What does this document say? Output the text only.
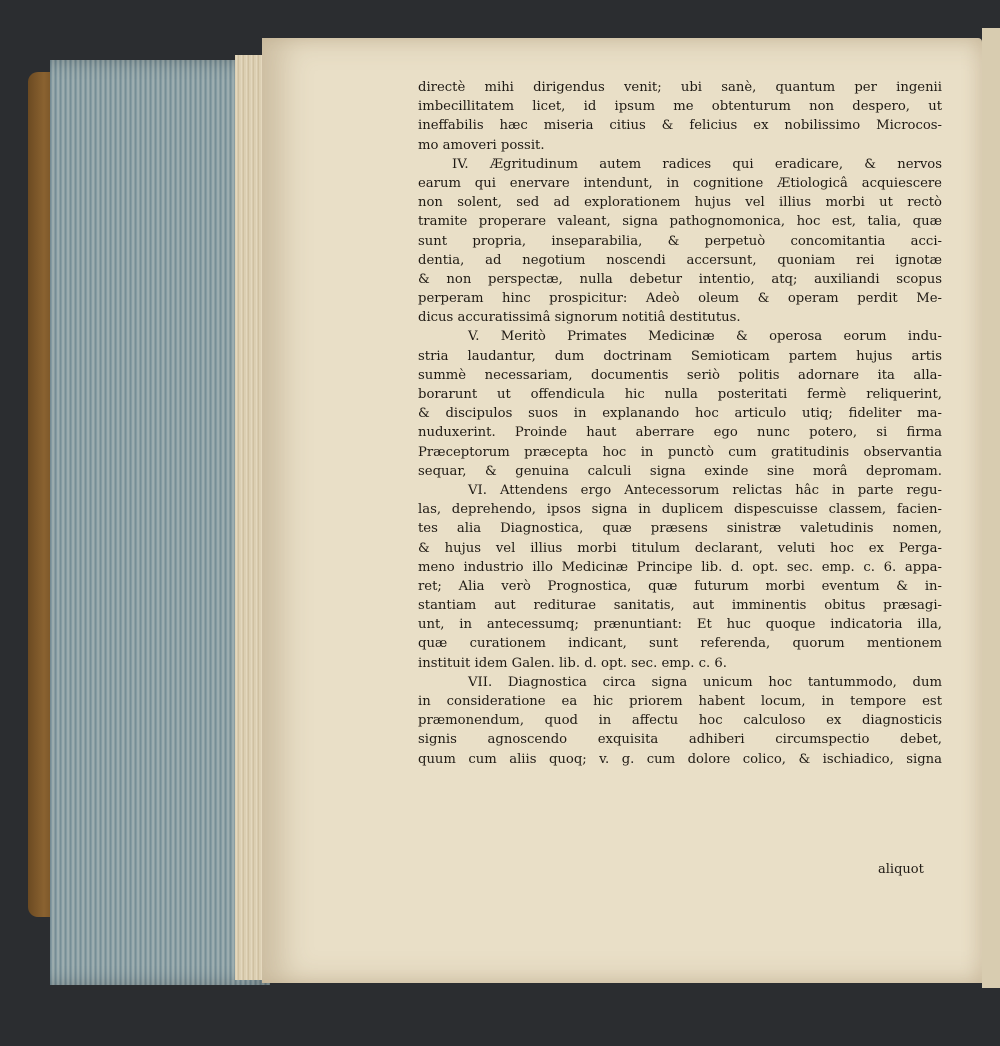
directè mihi dirigendus venit; ubi sanè, quantum per ingenii
imbecillitatem licet, id ipsum me obtenturum non despero, ut
ineffabilis hæc miseria citius & felicius ex nobilissimo Microcos-
mo amoveri possit.
IV. Ægritudinum autem radices qui eradicare, & nervos
earum qui enervare intendunt, in cognitione Ætiologicâ acquiescere
non solent, sed ad explorationem hujus vel illius morbi ut rectò
tramite properare valeant, signa pathognomonica, hoc est, talia, quæ
sunt propria, inseparabilia, & perpetuò concomitantia acci-
dentia, ad negotium noscendi accersunt, quoniam rei ignotæ
& non perspectæ, nulla debetur intentio, atq; auxiliandi scopus
perperam hinc prospicitur: Adeò oleum & operam perdit Me-
dicus accuratissimâ signorum notitiâ destitutus.
V. Meritò Primates Medicinæ & operosa eorum indu-
stria laudantur, dum doctrinam Semioticam partem hujus artis
summè necessariam, documentis seriò politis adornare ita alla-
borarunt ut offendicula hic nulla posteritati fermè reliquerint,
& discipulos suos in explanando hoc articulo utiq; fideliter ma-
nuduxerint. Proinde haut aberrare ego nunc potero, si firma
Præceptorum præcepta hoc in punctò cum gratitudinis observantia
sequar, & genuina calculi signa exinde sine morâ depromam.
VI. Attendens ergo Antecessorum relictas hâc in parte regu-
las, deprehendo, ipsos signa in duplicem dispescuisse classem, facien-
tes alia Diagnostica, quæ præsens sinistræ valetudinis nomen,
& hujus vel illius morbi titulum declarant, veluti hoc ex Perga-
meno industrio illo Medicinæ Principe lib. d. opt. sec. emp. c. 6. appa-
ret; Alia verò Prognostica, quæ futurum morbi eventum & in-
stantiam aut rediturae sanitatis, aut imminentis obitus præsagi-
unt, in antecessumq; prænuntiant: Et huc quoque indicatoria illa,
quæ curationem indicant, sunt referenda, quorum mentionem
instituit idem Galen. lib. d. opt. sec. emp. c. 6.
VII. Diagnostica circa signa unicum hoc tantummodo, dum
in consideratione ea hic priorem habent locum, in tempore est
præmonendum, quod in affectu hoc calculoso ex diagnosticis
signis agnoscendo exquisita adhiberi circumspectio debet,
quum cum aliis quoq; v. g. cum dolore colico, & ischiadico, signa
aliquot
